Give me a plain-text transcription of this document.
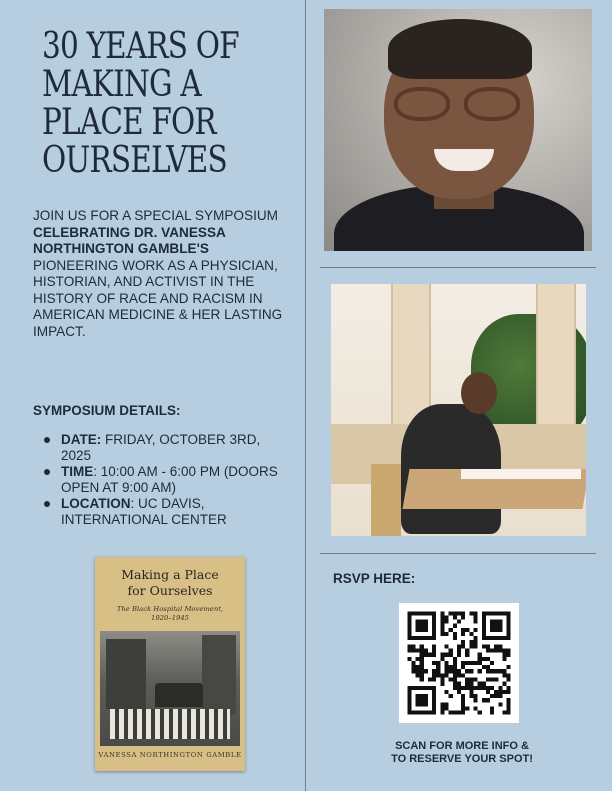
30 YEARS OF
MAKING A
PLACE FOR
OURSELVES
JOIN US FOR A SPECIAL SYMPOSIUM CELEBRATING DR. VANESSA NORTHINGTON GAMBLE'S PIONEERING WORK AS A PHYSICIAN, HISTORIAN, AND ACTIVIST IN THE HISTORY OF RACE AND RACISM IN AMERICAN MEDICINE & HER LASTING IMPACT.
SYMPOSIUM DETAILS:
DATE: FRIDAY, OCTOBER 3RD, 2025
TIME: 10:00 AM - 6:00 PM (DOORS OPEN AT 9:00 AM)
LOCATION: UC DAVIS, INTERNATIONAL CENTER
Making a Place
for Ourselves
The Black Hospital Movement,
1920–1945
VANESSA NORTHINGTON GAMBLE
RSVP HERE:
SCAN FOR MORE INFO &
TO RESERVE YOUR SPOT!
